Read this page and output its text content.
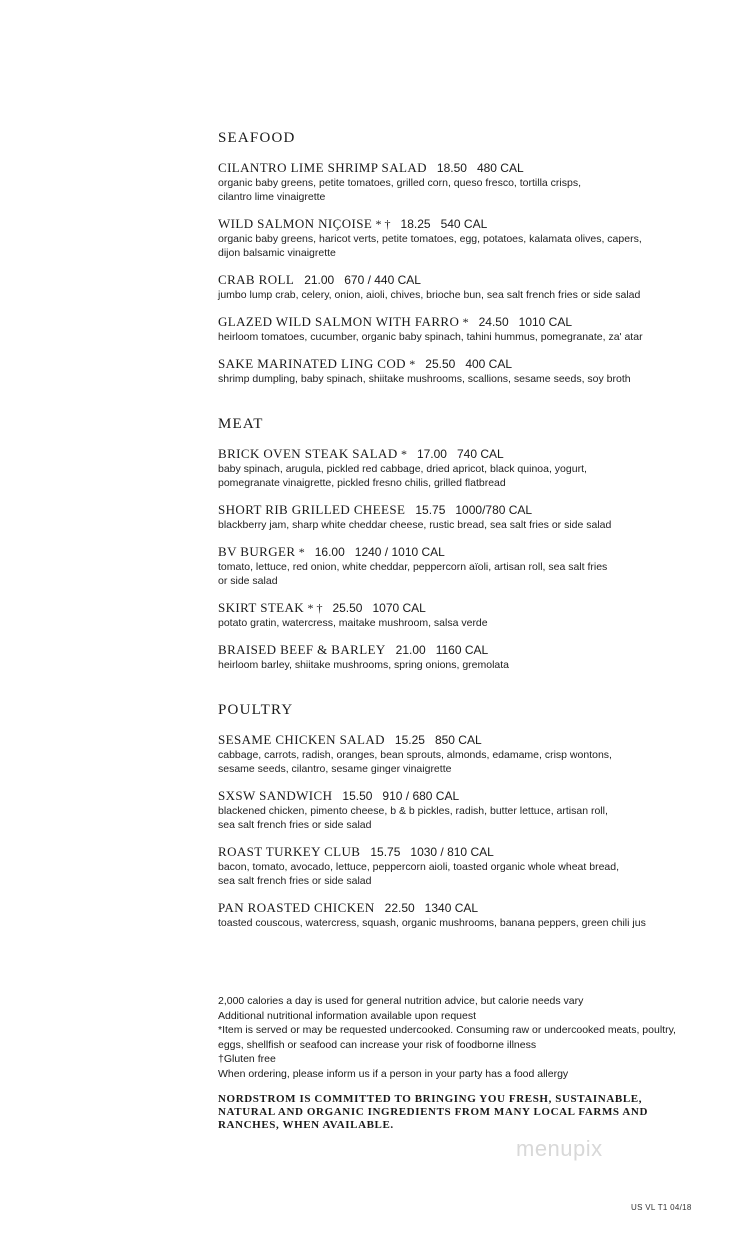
SEAFOOD
CILANTRO LIME SHRIMP SALAD 18.50 480 CAL
organic baby greens, petite tomatoes, grilled corn, queso fresco, tortilla crisps,
cilantro lime vinaigrette
WILD SALMON NIÇOISE * † 18.25 540 CAL
organic baby greens, haricot verts, petite tomatoes, egg, potatoes, kalamata olives, capers,
dijon balsamic vinaigrette
CRAB ROLL 21.00 670 / 440 CAL
jumbo lump crab, celery, onion, aioli, chives, brioche bun, sea salt french fries or side salad
GLAZED WILD SALMON WITH FARRO * 24.50 1010 CAL
heirloom tomatoes, cucumber, organic baby spinach, tahini hummus, pomegranate, za' atar
SAKE MARINATED LING COD * 25.50 400 CAL
shrimp dumpling, baby spinach, shiitake mushrooms, scallions, sesame seeds, soy broth
MEAT
BRICK OVEN STEAK SALAD * 17.00 740 CAL
baby spinach, arugula, pickled red cabbage, dried apricot, black quinoa, yogurt,
pomegranate vinaigrette, pickled fresno chilis, grilled flatbread
SHORT RIB GRILLED CHEESE 15.75 1000/780 CAL
blackberry jam, sharp white cheddar cheese, rustic bread, sea salt fries or side salad
BV BURGER * 16.00 1240 / 1010 CAL
tomato, lettuce, red onion, white cheddar, peppercorn aïoli, artisan roll, sea salt fries
or side salad
SKIRT STEAK * † 25.50 1070 CAL
potato gratin, watercress, maitake mushroom, salsa verde
BRAISED BEEF & BARLEY 21.00 1160 CAL
heirloom barley, shiitake mushrooms, spring onions, gremolata
POULTRY
SESAME CHICKEN SALAD 15.25 850 CAL
cabbage, carrots, radish, oranges, bean sprouts, almonds, edamame, crisp wontons,
sesame seeds, cilantro, sesame ginger vinaigrette
SXSW SANDWICH 15.50 910 / 680 CAL
blackened chicken, pimento cheese, b & b pickles, radish, butter lettuce, artisan roll,
sea salt french fries or side salad
ROAST TURKEY CLUB 15.75 1030 / 810 CAL
bacon, tomato, avocado, lettuce, peppercorn aioli, toasted organic whole wheat bread,
sea salt french fries or side salad
PAN ROASTED CHICKEN 22.50 1340 CAL
toasted couscous, watercress, squash, organic mushrooms, banana peppers, green chili jus
2,000 calories a day is used for general nutrition advice, but calorie needs vary
Additional nutritional information available upon request
*Item is served or may be requested undercooked. Consuming raw or undercooked meats, poultry,
eggs, shellfish or seafood can increase your risk of foodborne illness
†Gluten free
When ordering, please inform us if a person in your party has a food allergy
NORDSTROM IS COMMITTED TO BRINGING YOU FRESH, SUSTAINABLE,
NATURAL AND ORGANIC INGREDIENTS FROM MANY LOCAL FARMS AND
RANCHES, WHEN AVAILABLE.
menupix
US VL T1 04/18
